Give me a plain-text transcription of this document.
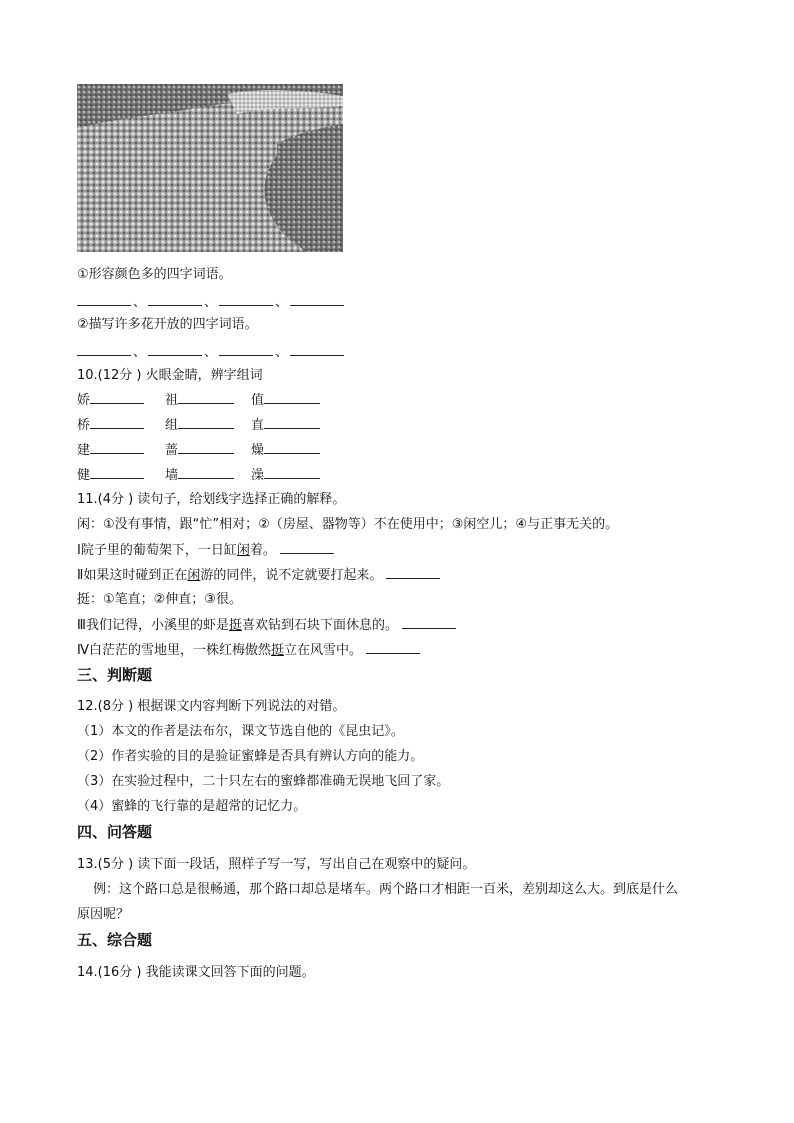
①形容颜色多的四字词语。
、	、	、
②描写许多花开放的四字词语。
、	、	、
10.(12分 ) 火眼金睛，辨字组词
娇	祖	值
桥	组	直
建	蔷	燥
健	墙	澡
11.(4分 ) 读句子，给划线字选择正确的解释。
闲：①没有事情，跟“忙”相对；②（房屋、器物等）不在使用中；③闲空儿；④与正事无关的。
Ⅰ院子里的葡萄架下，一日缸闲着。
Ⅱ如果这时碰到正在闲游的同伴，说不定就要打起来。
挺：①笔直；②伸直；③很。
Ⅲ我们记得，小溪里的虾是挺喜欢钻到石块下面休息的。
Ⅳ白茫茫的雪地里，一株红梅傲然挺立在风雪中。
三、判断题
12.(8分 ) 根据课文内容判断下列说法的对错。
（1）本文的作者是法布尔，课文节选自他的《昆虫记》。
（2）作者实验的目的是验证蜜蜂是否具有辨认方向的能力。
（3）在实验过程中，二十只左右的蜜蜂都准确无误地飞回了家。
（4）蜜蜂的飞行靠的是超常的记忆力。
四、问答题
13.(5分 ) 读下面一段话，照样子写一写，写出自己在观察中的疑问。
例：这个路口总是很畅通，那个路口却总是堵车。两个路口才相距一百米，差别却这么大。到底是什么
原因呢？
五、综合题
14.(16分 ) 我能读课文回答下面的问题。
